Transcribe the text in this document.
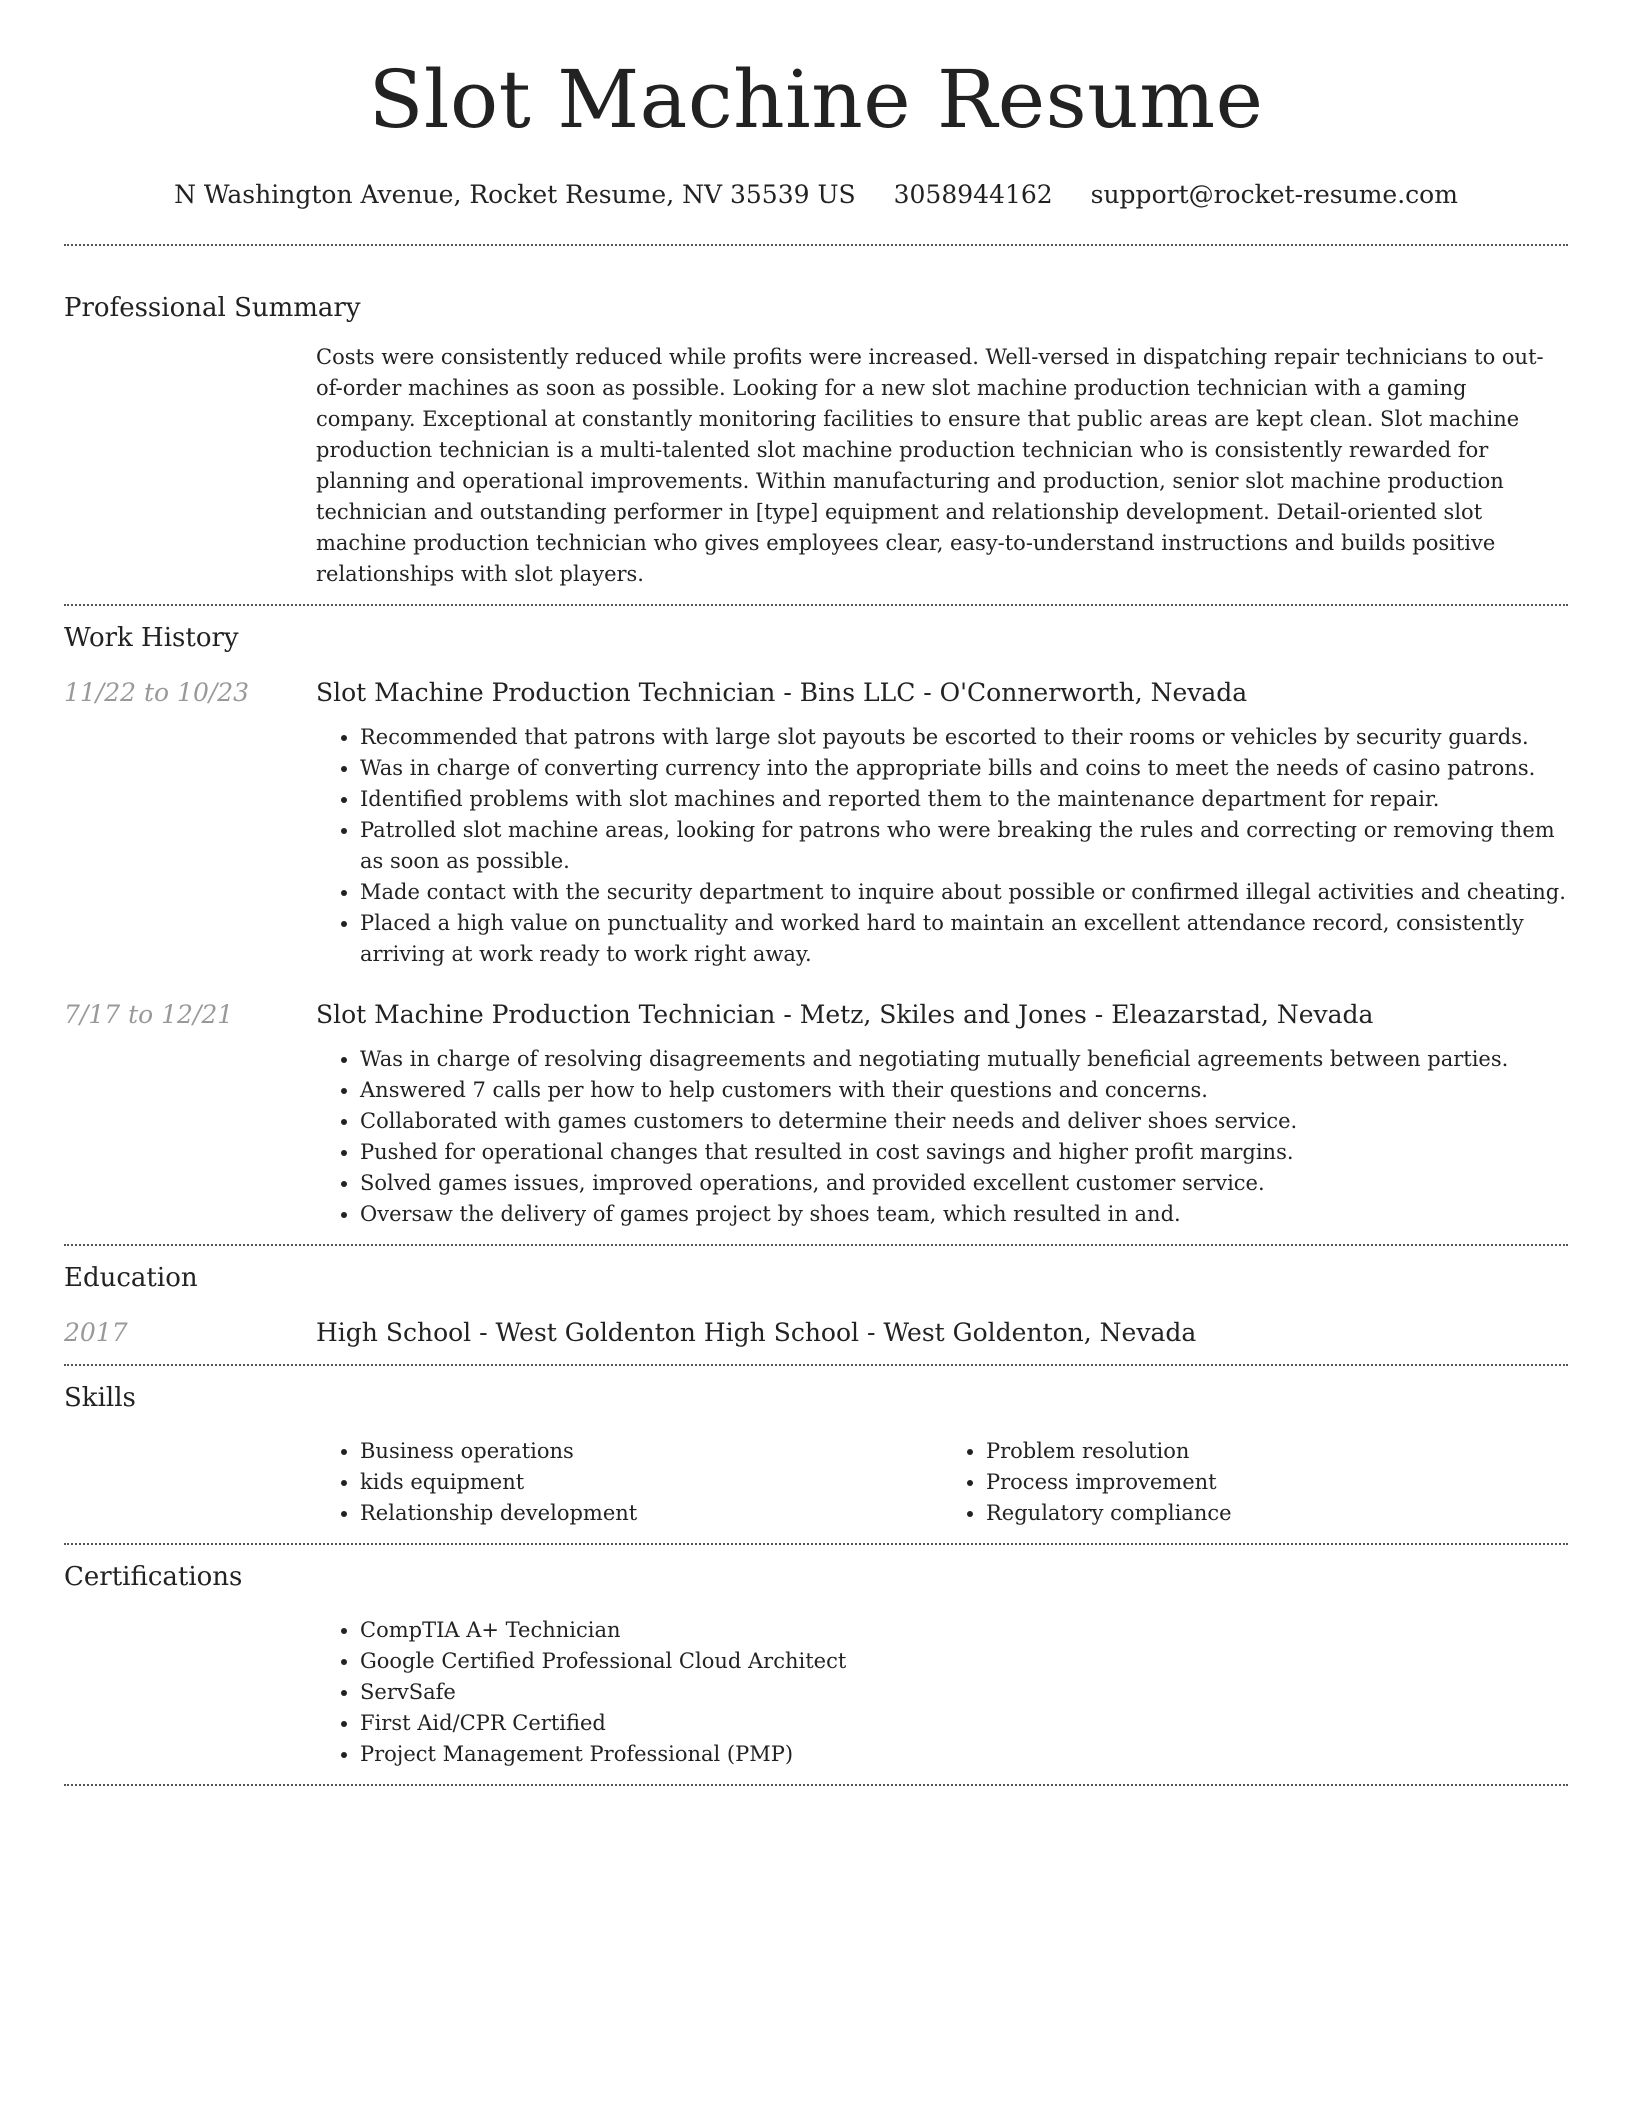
Slot Machine Resume
N Washington Avenue, Rocket Resume, NV 35539 US 3058944162 support@rocket-resume.com
Professional Summary

Costs were consistently reduced while profits were increased. Well-versed in dispatching repair technicians to out-of-order machines as soon as possible. Looking for a new slot machine production technician with a gaming company. Exceptional at constantly monitoring facilities to ensure that public areas are kept clean. Slot machine production technician is a multi-talented slot machine production technician who is consistently rewarded for planning and operational improvements. Within manufacturing and production, senior slot machine production technician and outstanding performer in [type] equipment and relationship development. Detail-oriented slot machine production technician who gives employees clear, easy-to-understand instructions and builds positive relationships with slot players.

Work History
11/22 to 10/23	Slot Machine Production Technician - Bins LLC - O'Connerworth, Nevada
• Recommended that patrons with large slot payouts be escorted to their rooms or vehicles by security guards.
• Was in charge of converting currency into the appropriate bills and coins to meet the needs of casino patrons.
• Identified problems with slot machines and reported them to the maintenance department for repair.
• Patrolled slot machine areas, looking for patrons who were breaking the rules and correcting or removing them as soon as possible.
• Made contact with the security department to inquire about possible or confirmed illegal activities and cheating.
• Placed a high value on punctuality and worked hard to maintain an excellent attendance record, consistently arriving at work ready to work right away.
7/17 to 12/21	Slot Machine Production Technician - Metz, Skiles and Jones - Eleazarstad, Nevada
• Was in charge of resolving disagreements and negotiating mutually beneficial agreements between parties.
• Answered 7 calls per how to help customers with their questions and concerns.
• Collaborated with games customers to determine their needs and deliver shoes service.
• Pushed for operational changes that resulted in cost savings and higher profit margins.
• Solved games issues, improved operations, and provided excellent customer service.
• Oversaw the delivery of games project by shoes team, which resulted in and.
Education
2017	High School - West Goldenton High School - West Goldenton, Nevada
Skills
• Business operations
• kids equipment
• Relationship development
• Problem resolution
• Process improvement
• Regulatory compliance
Certifications
• CompTIA A+ Technician
• Google Certified Professional Cloud Architect
• ServSafe
• First Aid/CPR Certified
• Project Management Professional (PMP)
